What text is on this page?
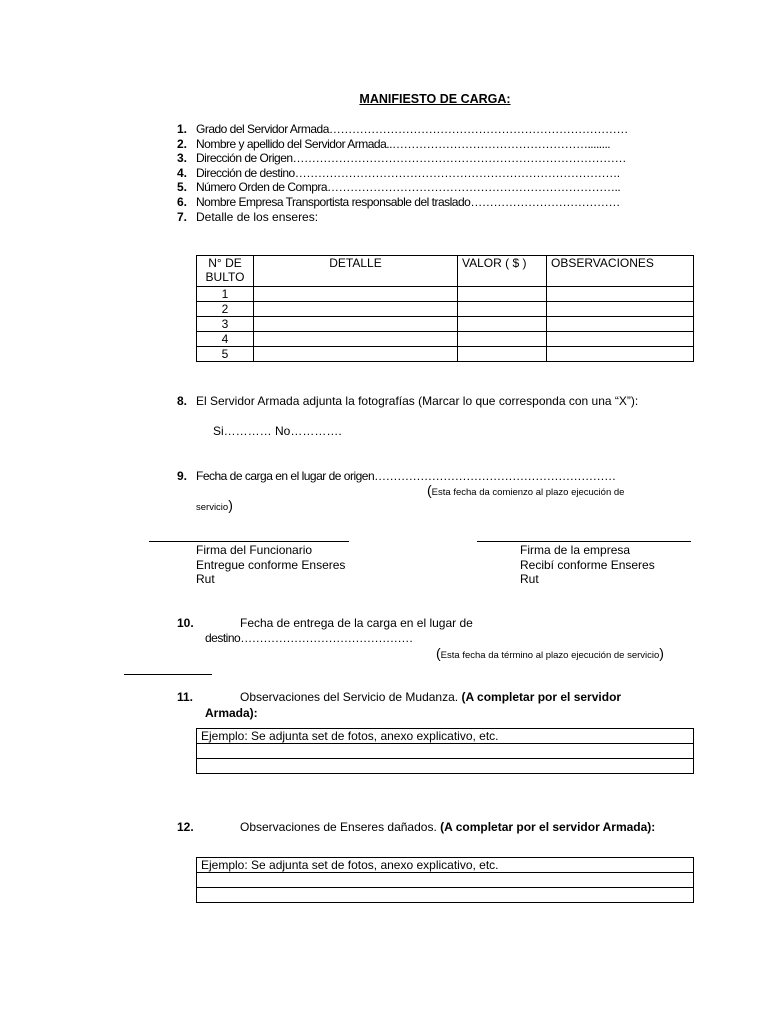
MANIFIESTO DE CARGA:
1. Grado del Servidor Armada……………………………………………………………………
2. Nombre y apellido del Servidor Armada..……………………………………………........
3. Dirección de Origen……………………………………………………………………………
4. Dirección de destino………………………………………………………………………….
5. Número Orden de Compra…………………………………………………………………..
6. Nombre Empresa Transportista responsable del traslado…………………………………
7. Detalle de los enseres:
N° DE BULTO	DETALLE	VALOR ( $ )	OBSERVACIONES
1			
2			
3			
4			
5			
8. El Servidor Armada adjunta la fotografías (Marcar lo que corresponda con una “X”):
Si………… No………….
9. Fecha de carga en el lugar de origen………………………………………………………
(Esta fecha da comienzo al plazo ejecución de
servicio)
Firma del Funcionario
Entregue conforme Enseres
Rut
Firma de la empresa
Recibí conforme Enseres
Rut
10.	Fecha de entrega de la carga en el lugar de
destino………………………………………
(Esta fecha da término al plazo ejecución de servicio)
11.	Observaciones del Servicio de Mudanza. (A completar por el servidor
Armada):
Ejemplo: Se adjunta set de fotos, anexo explicativo, etc.

12.	Observaciones de Enseres dañados. (A completar por el servidor Armada):
Ejemplo: Se adjunta set de fotos, anexo explicativo, etc.
